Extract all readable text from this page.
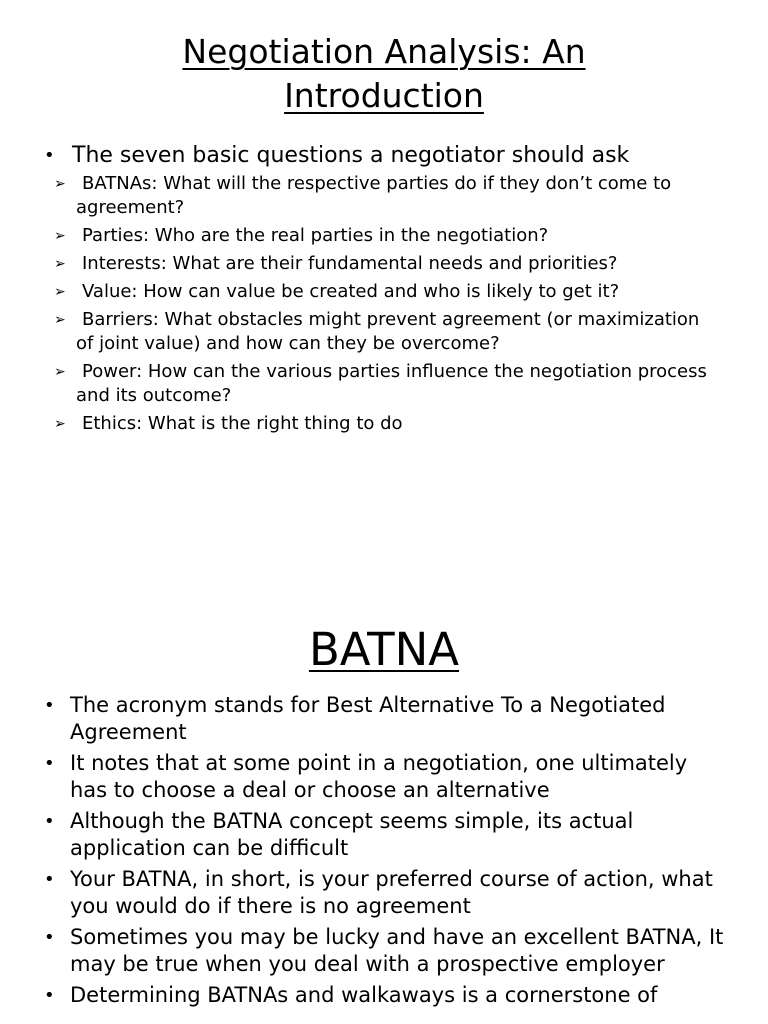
Negotiation Analysis: An
Introduction
• The seven basic questions a negotiator should ask
➢ BATNAs: What will the respective parties do if they don’t come to agreement?
➢ Parties: Who are the real parties in the negotiation?
➢ Interests: What are their fundamental needs and priorities?
➢ Value: How can value be created and who is likely to get it?
➢ Barriers: What obstacles might prevent agreement (or maximization of joint value) and how can they be overcome?
➢ Power: How can the various parties influence the negotiation process and its outcome?
➢ Ethics: What is the right thing to do
BATNA
• The acronym stands for Best Alternative To a Negotiated Agreement
• It notes that at some point in a negotiation, one ultimately has to choose a deal or choose an alternative
• Although the BATNA concept seems simple, its actual application can be difficult
• Your BATNA, in short, is your preferred course of action, what you would do if there is no agreement
• Sometimes you may be lucky and have an excellent BATNA, It may be true when you deal with a prospective employer
• Determining BATNAs and walkaways is a cornerstone of
